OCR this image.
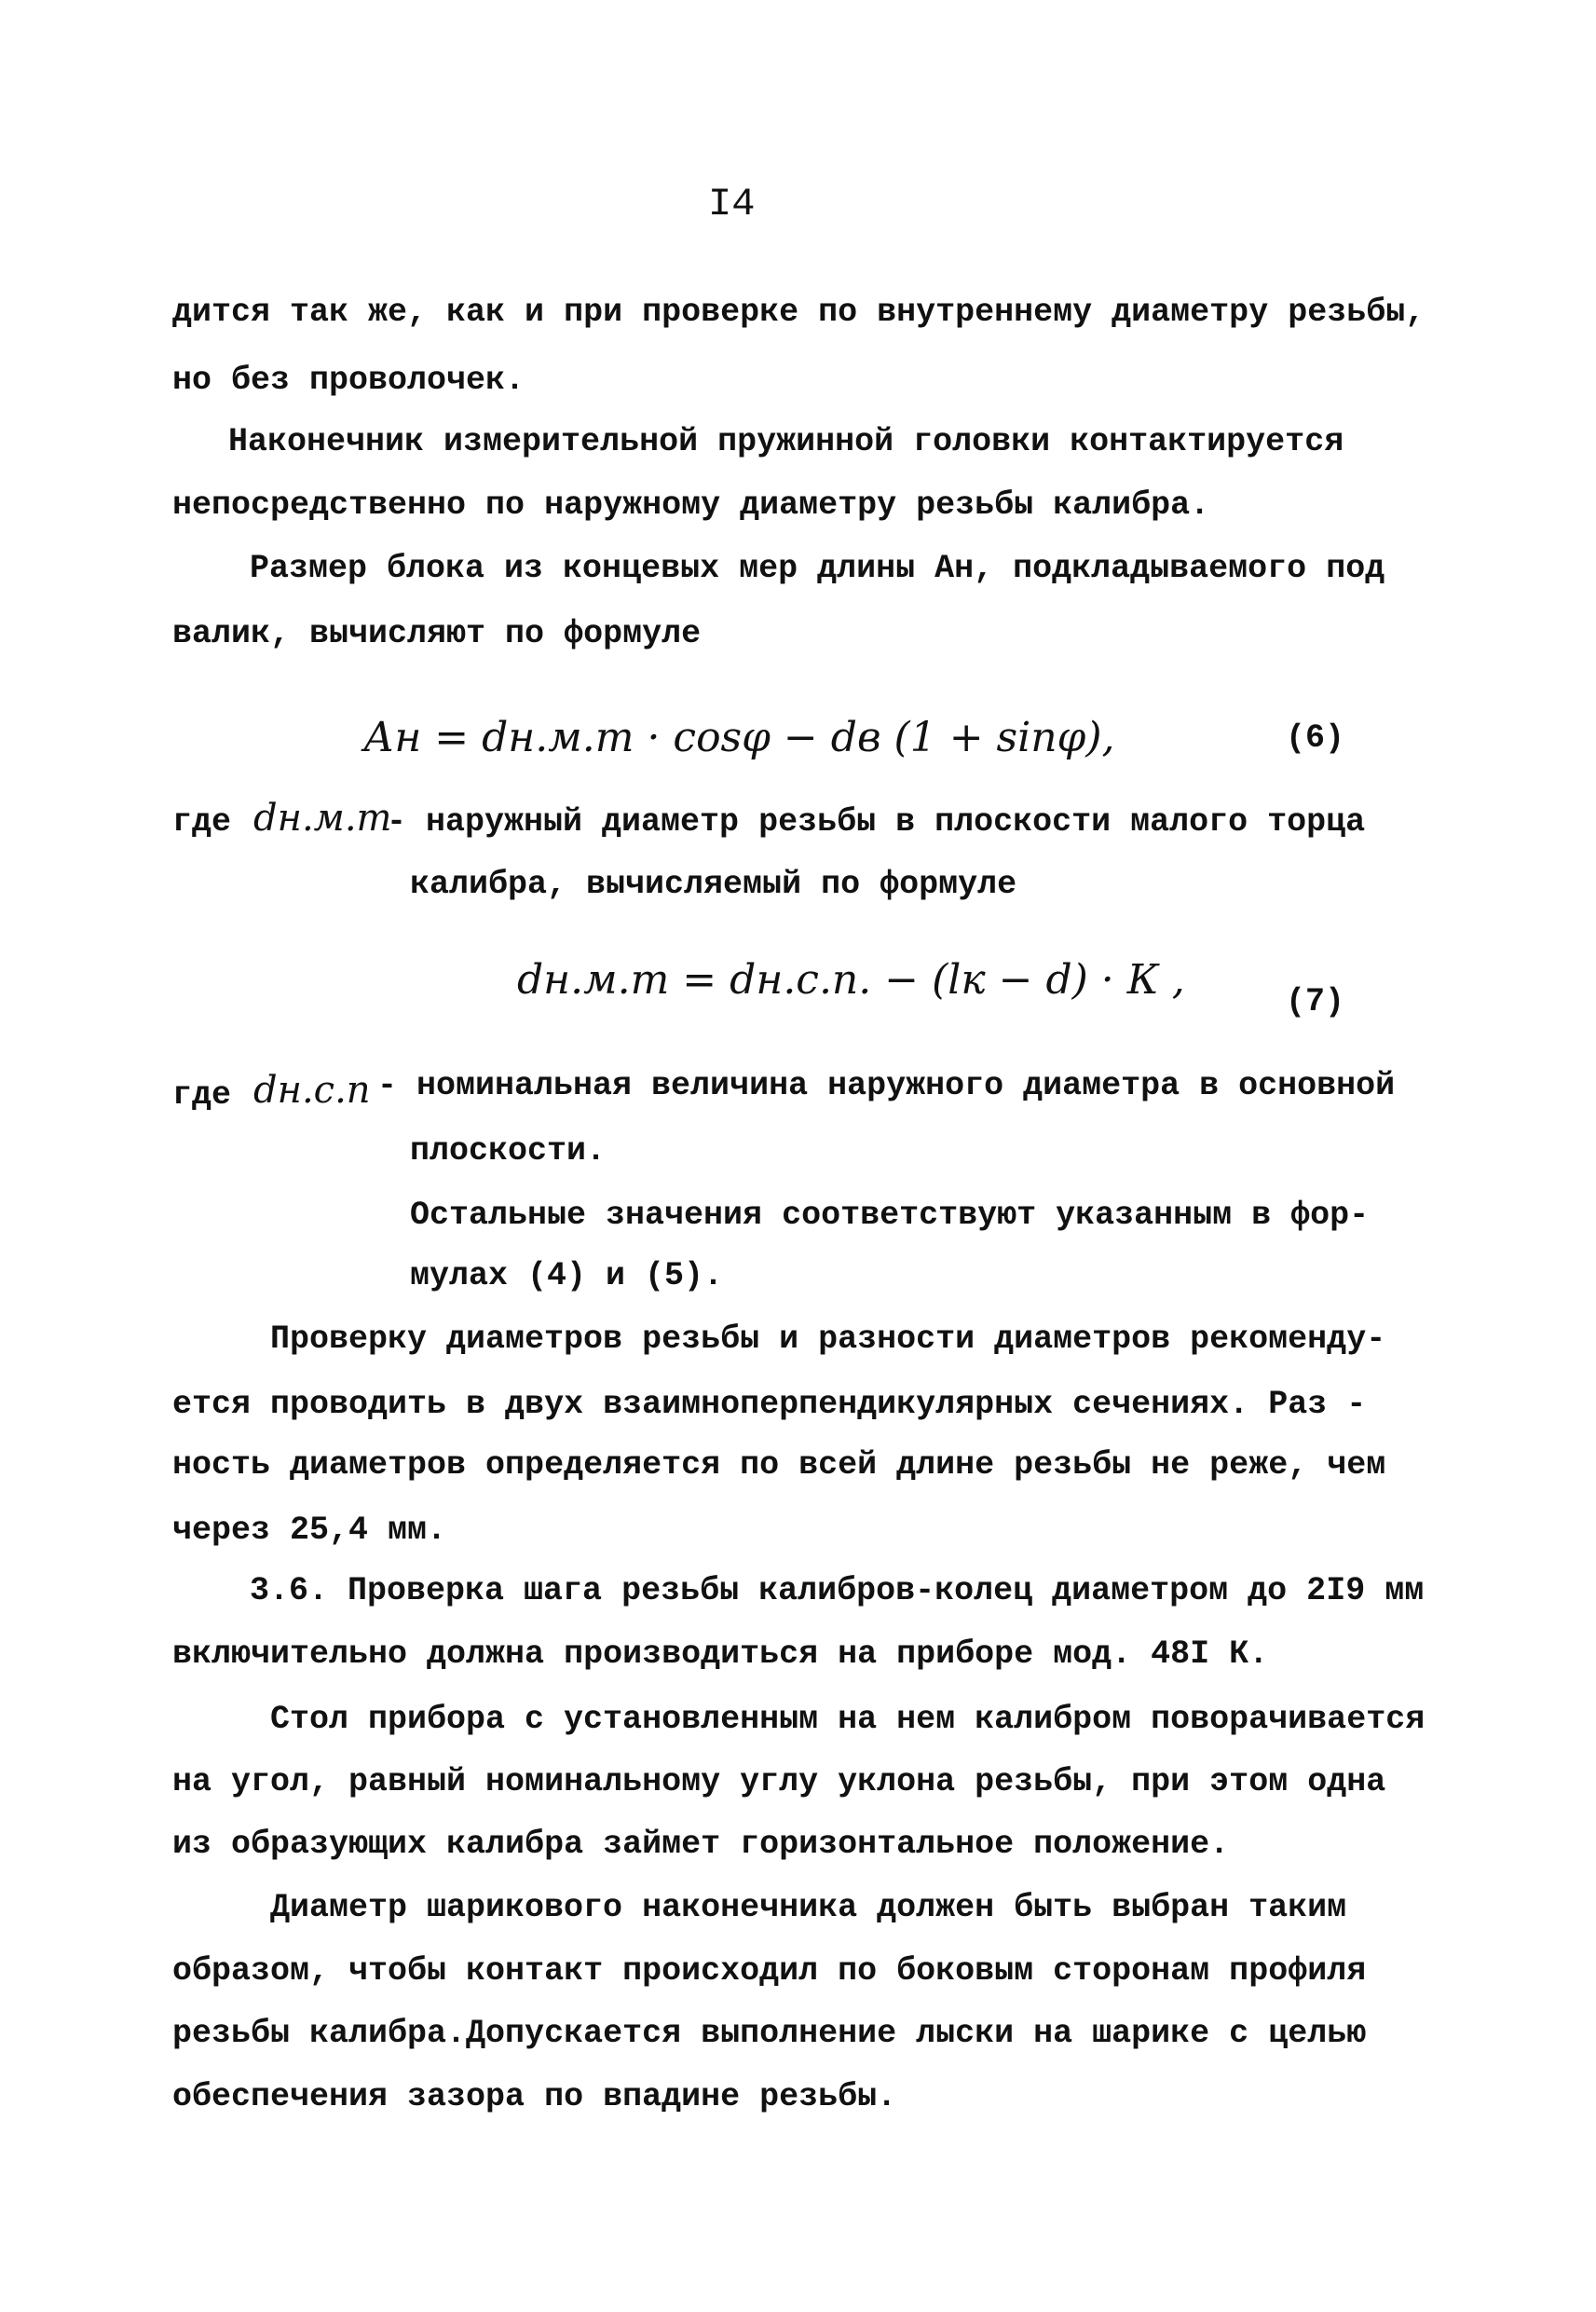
I4
дится так же, как и при проверке по внутреннему диаметру резьбы,
но без проволочек.
Наконечник измерительной пружинной головки контактируется
непосредственно по наружному диаметру резьбы калибра.
Размер блока из концевых мер длины Ан, подкладываемого под
валик, вычисляют по формуле
Ан = dн.м.т · cosφ − dв (1 + sinφ),	(6)
где dн.м.т
- наружный диаметр резьбы в плоскости малого торца
калибра, вычисляемый по формуле
dн.м.т = dн.с.п. − (lк − d) · К ,	(7)
где dн.с.п - номинальная величина наружного диаметра в основной
плоскости.
Остальные значения соответствуют указанным в фор-
мулах (4) и (5).
Проверку диаметров резьбы и разности диаметров рекоменду-
ется проводить в двух взаимноперпендикулярных сечениях. Раз -
ность диаметров определяется по всей длине резьбы не реже, чем
через 25,4 мм.
3.6. Проверка шага резьбы калибров-колец диаметром до 2I9 мм
включительно должна производиться на приборе мод. 48I К.
Стол прибора с установленным на нем калибром поворачивается
на угол, равный номинальному углу уклона резьбы, при этом одна
из образующих калибра займет горизонтальное положение.
Диаметр шарикового наконечника должен быть выбран таким
образом, чтобы контакт происходил по боковым сторонам профиля
резьбы калибра.Допускается выполнение лыски на шарике с целью
обеспечения зазора по впадине резьбы.
